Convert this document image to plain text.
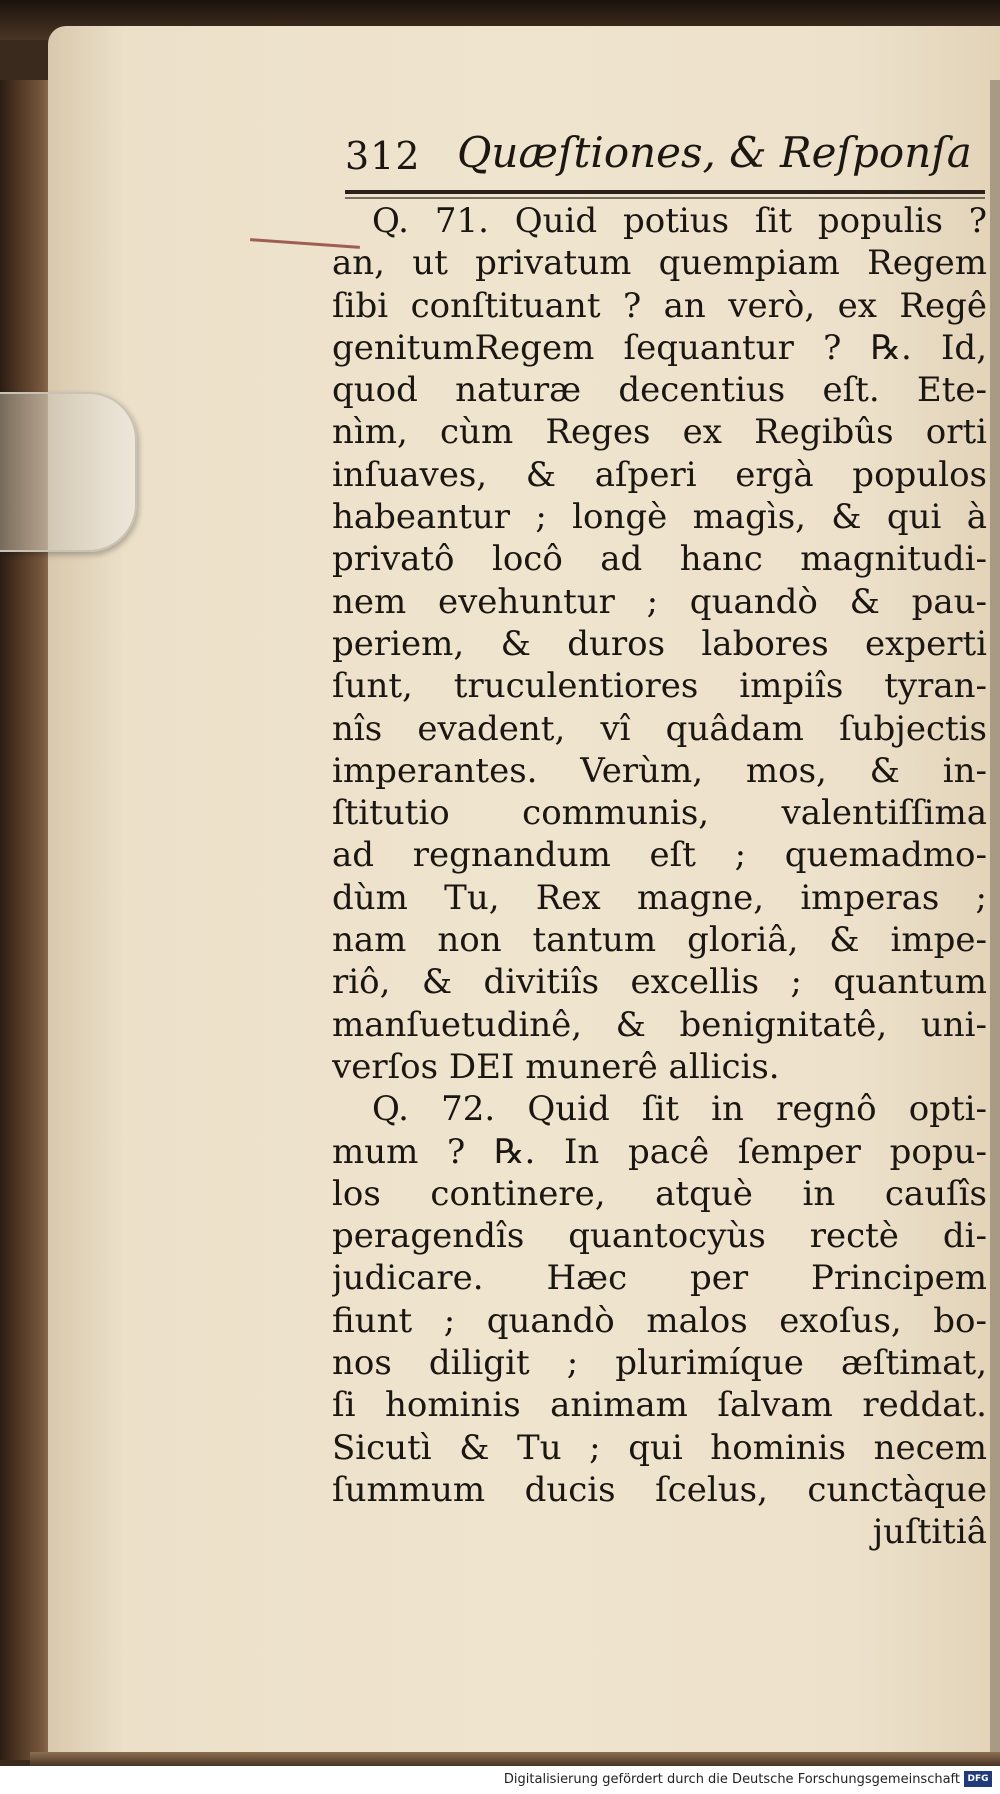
312 Quæſtiones, & Reſponſa
Q. 71. Quid potius ſit populis ?
an, ut privatum quempiam Regem
ſibi conſtituant ? an verò, ex Regê
genitumRegem ſequantur ? ℞. Id,
quod naturæ decentius eſt. Ete-
nìm, cùm Reges ex Regibûs orti
inſuaves, & aſperi ergà populos
habeantur ; longè magìs, & qui à
privatô locô ad hanc magnitudi-
nem evehuntur ; quandò & pau-
periem, & duros labores experti
ſunt, truculentiores impiîs tyran-
nîs evadent, vî quâdam ſubjectis
imperantes. Verùm, mos, & in-
ſtitutio communis, valentiſſima
ad regnandum eſt ; quemadmo-
dùm Tu, Rex magne, imperas ;
nam non tantum gloriâ, & impe-
riô, & divitiîs excellis ; quantum
manſuetudinê, & benignitatê, uni-
verſos DEI munerê allicis.
Q. 72. Quid ſit in regnô opti-
mum ? ℞. In pacê ſemper popu-
los continere, atquè in cauſîs
peragendîs quantocyùs rectè di-
judicare. Hæc per Principem
fiunt ; quandò malos exoſus, bo-
nos diligit ; plurimíque æſtimat,
ſi hominis animam ſalvam reddat.
Sicutì & Tu ; qui hominis necem
ſummum ducis ſcelus, cunctàque
juſtitiâ
Digitalisierung gefördert durch die Deutsche Forschungsgemeinschaft DFG
